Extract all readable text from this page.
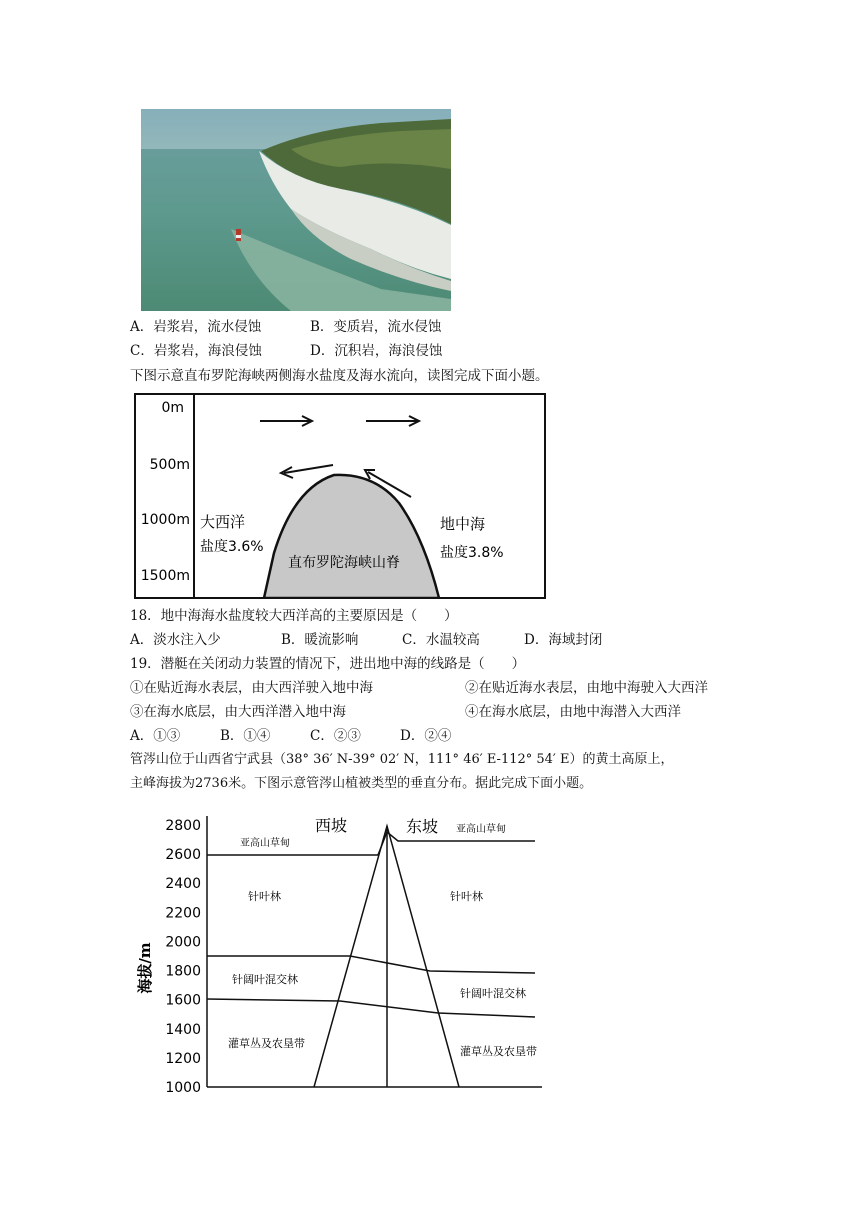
A．岩浆岩，流水侵蚀	B．变质岩，流水侵蚀
C．岩浆岩，海浪侵蚀	D．沉积岩，海浪侵蚀
下图示意直布罗陀海峡两侧海水盐度及海水流向，读图完成下面小题。
0m
500m
1000m
1500m
大西洋
盐度3.6%
地中海
盐度3.8%
直布罗陀海峡山脊
18．地中海海水盐度较大西洋高的主要原因是（　　）
A．淡水注入少	B．暖流影响	C．水温较高	D．海域封闭
19．潜艇在关闭动力装置的情况下，进出地中海的线路是（　　）
①在贴近海水表层，由大西洋驶入地中海	②在贴近海水表层，由地中海驶入大西洋
③在海水底层，由大西洋潜入地中海	④在海水底层，由地中海潜入大西洋
A．①③	B．①④	C．②③	D．②④
管涔山位于山西省宁武县（38° 36′ N-39° 02′ N，111° 46′ E-112° 54′ E）的黄土高原上，
主峰海拔为2736米。下图示意管涔山植被类型的垂直分布。据此完成下面小题。
海拔/m
2800
2600
2400
2200
2000
1800
1600
1400
1200
1000
西坡	东坡
亚高山草甸
亚高山草甸
针叶林	针叶林
针阔叶混交林
针阔叶混交林
灌草丛及农垦带
灌草丛及农垦带
